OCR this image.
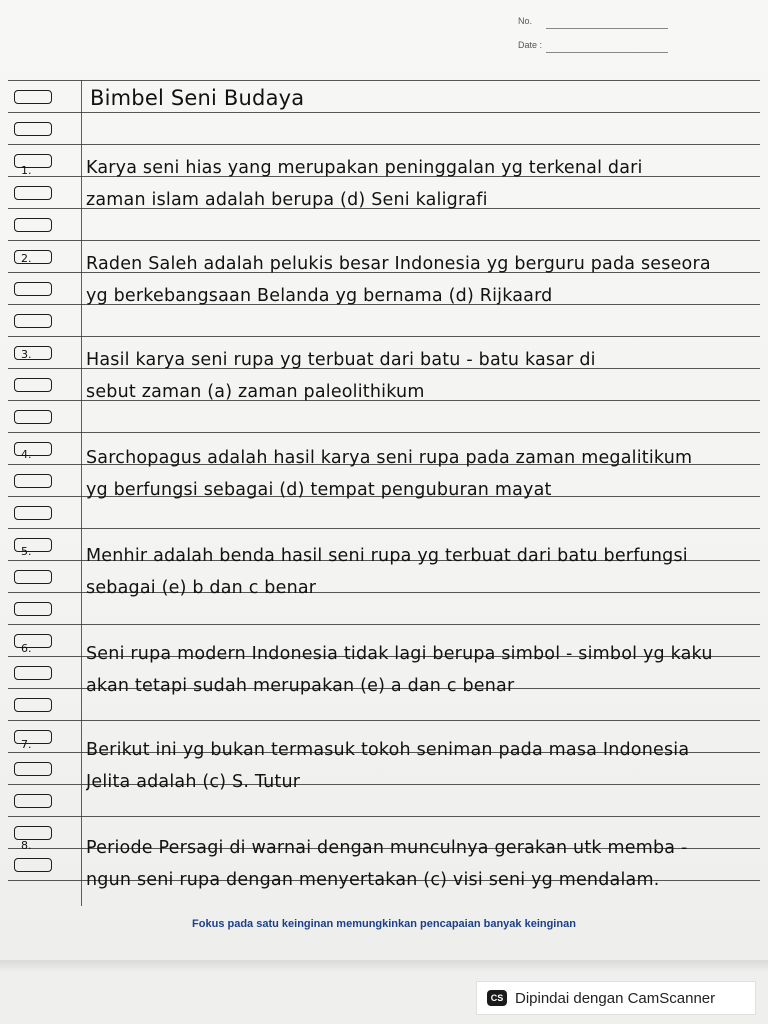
No.
Date :
Bimbel Seni Budaya
1.	Karya seni hias yang merupakan peninggalan yg terkenal dari
zaman islam adalah berupa (d) Seni kaligrafi
2.	Raden Saleh adalah pelukis besar Indonesia yg berguru pada seseora
yg berkebangsaan Belanda yg bernama (d) Rijkaard
3.	Hasil karya seni rupa yg terbuat dari batu - batu kasar di
sebut zaman (a) zaman paleolithikum
4.	Sarchopagus adalah hasil karya seni rupa pada zaman megalitikum
yg berfungsi sebagai (d) tempat penguburan mayat
5.	Menhir adalah benda hasil seni rupa yg terbuat dari batu berfungsi
sebagai (e) b dan c benar
6.	Seni rupa modern Indonesia tidak lagi berupa simbol - simbol yg kaku
akan tetapi sudah merupakan (e) a dan c benar
7.	Berikut ini yg bukan termasuk tokoh seniman pada masa Indonesia
Jelita adalah (c) S. Tutur
8.	Periode Persagi di warnai dengan munculnya gerakan utk memba -
ngun seni rupa dengan menyertakan (c) visi seni yg mendalam.
Fokus pada satu keinginan memungkinkan pencapaian banyak keinginan
CS Dipindai dengan CamScanner
